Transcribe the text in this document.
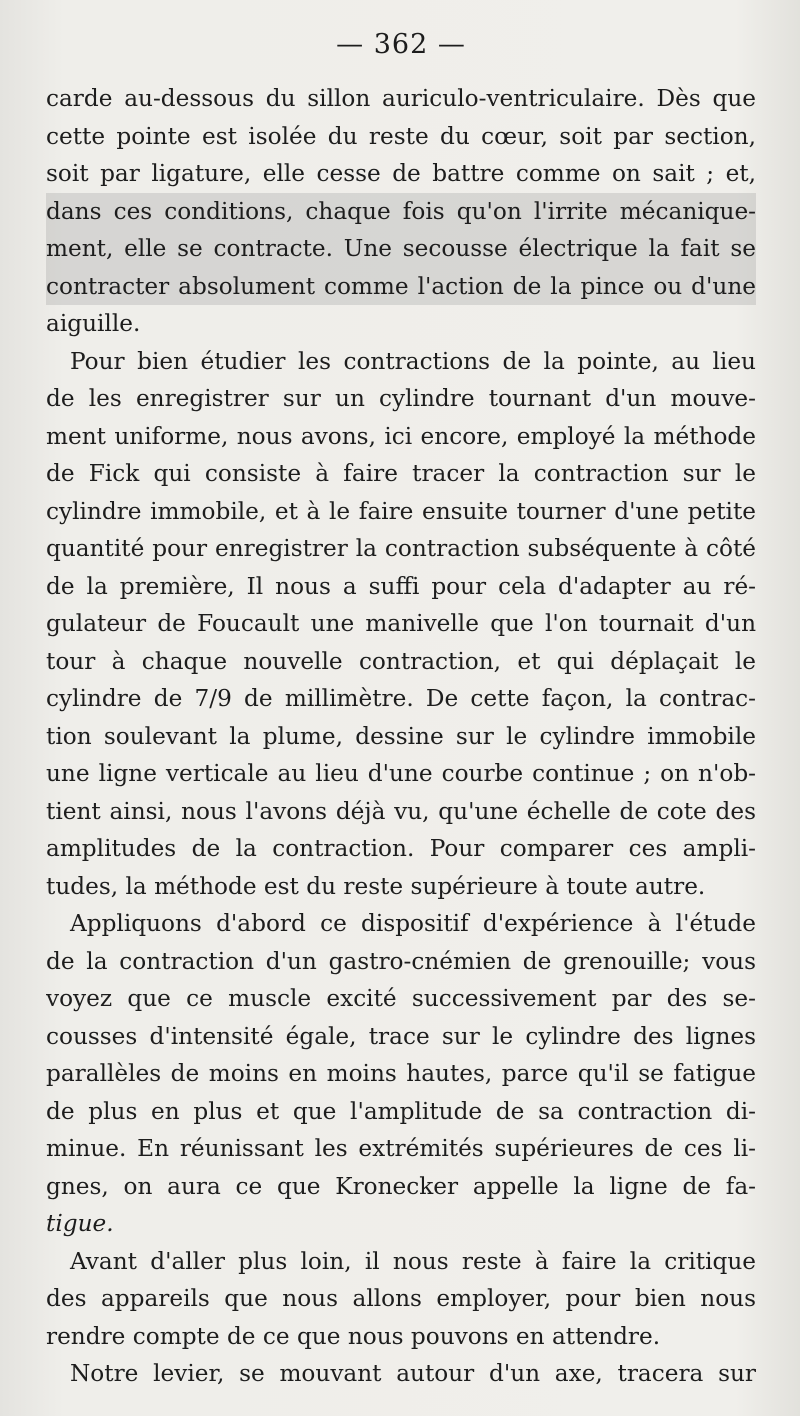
— 362 —
carde au-dessous du sillon auriculo-ventriculaire. Dès que
cette pointe est isolée du reste du cœur, soit par section,
soit par ligature, elle cesse de battre comme on sait ; et,
dans ces conditions, chaque fois qu'on l'irrite mécanique-
ment, elle se contracte. Une secousse électrique la fait se
contracter absolument comme l'action de la pince ou d'une
aiguille.
Pour bien étudier les contractions de la pointe, au lieu
de les enregistrer sur un cylindre tournant d'un mouve-
ment uniforme, nous avons, ici encore, employé la méthode
de Fick qui consiste à faire tracer la contraction sur le
cylindre immobile, et à le faire ensuite tourner d'une petite
quantité pour enregistrer la contraction subséquente à côté
de la première, Il nous a suffi pour cela d'adapter au ré-
gulateur de Foucault une manivelle que l'on tournait d'un
tour à chaque nouvelle contraction, et qui déplaçait le
cylindre de 7/9 de millimètre. De cette façon, la contrac-
tion soulevant la plume, dessine sur le cylindre immobile
une ligne verticale au lieu d'une courbe continue ; on n'ob-
tient ainsi, nous l'avons déjà vu, qu'une échelle de cote des
amplitudes de la contraction. Pour comparer ces ampli-
tudes, la méthode est du reste supérieure à toute autre.
Appliquons d'abord ce dispositif d'expérience à l'étude
de la contraction d'un gastro-cnémien de grenouille; vous
voyez que ce muscle excité successivement par des se-
cousses d'intensité égale, trace sur le cylindre des lignes
parallèles de moins en moins hautes, parce qu'il se fatigue
de plus en plus et que l'amplitude de sa contraction di-
minue. En réunissant les extrémités supérieures de ces li-
gnes, on aura ce que Kronecker appelle la ligne de fa-
tigue.
Avant d'aller plus loin, il nous reste à faire la critique
des appareils que nous allons employer, pour bien nous
rendre compte de ce que nous pouvons en attendre.
Notre levier, se mouvant autour d'un axe, tracera sur
